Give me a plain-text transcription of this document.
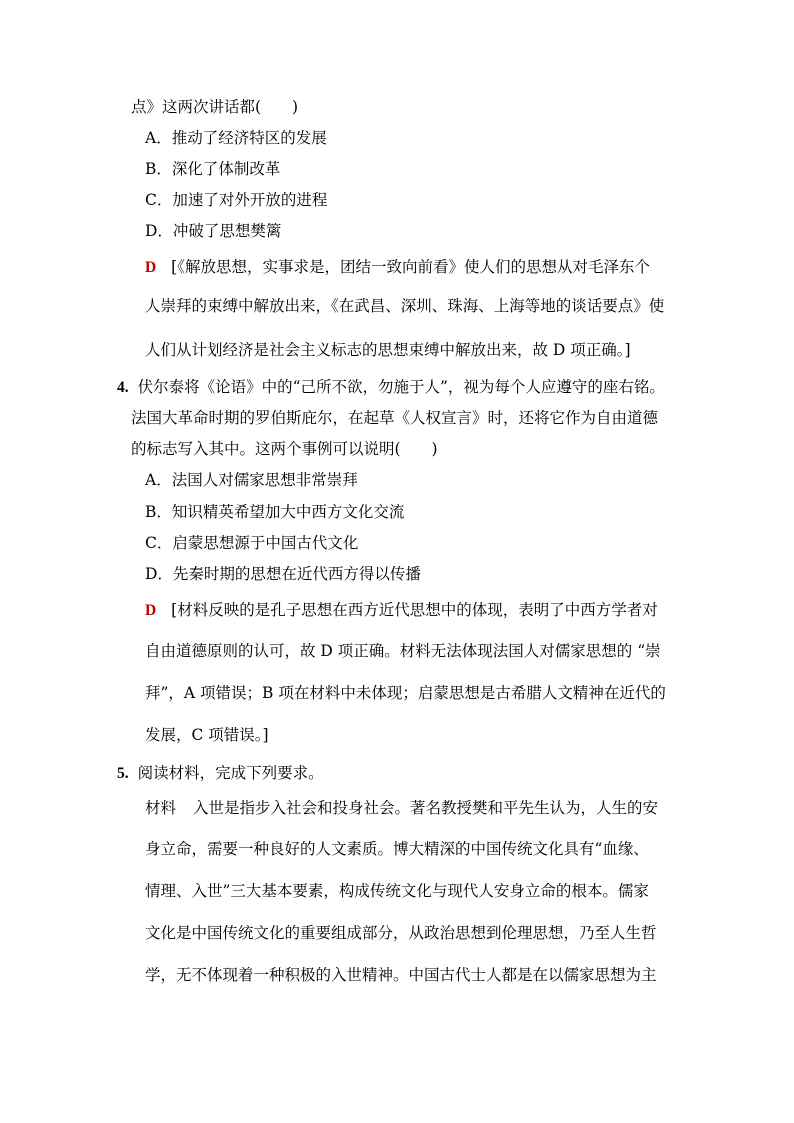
点》这两次讲话都(　　)
A．推动了经济特区的发展
B．深化了体制改革
C．加速了对外开放的进程
D．冲破了思想樊篱
D [《解放思想，实事求是，团结一致向前看》使人们的思想从对毛泽东个
人崇拜的束缚中解放出来，《在武昌、深圳、珠海、上海等地的谈话要点》使
人们从计划经济是社会主义标志的思想束缚中解放出来，故 D 项正确。]
4. 伏尔泰将《论语》中的“己所不欲，勿施于人”，视为每个人应遵守的座右铭。
法国大革命时期的罗伯斯庇尔，在起草《人权宣言》时，还将它作为自由道德
的标志写入其中。这两个事例可以说明(　　)
A．法国人对儒家思想非常崇拜
B．知识精英希望加大中西方文化交流
C．启蒙思想源于中国古代文化
D．先秦时期的思想在近代西方得以传播
D [材料反映的是孔子思想在西方近代思想中的体现，表明了中西方学者对
自由道德原则的认可，故 D 项正确。材料无法体现法国人对儒家思想的 “崇
拜”，A 项错误；B 项在材料中未体现；启蒙思想是古希腊人文精神在近代的
发展，C 项错误。]
5. 阅读材料，完成下列要求。
材料 入世是指步入社会和投身社会。著名教授樊和平先生认为，人生的安
身立命，需要一种良好的人文素质。博大精深的中国传统文化具有“血缘、
情理、入世”三大基本要素，构成传统文化与现代人安身立命的根本。儒家
文化是中国传统文化的重要组成部分，从政治思想到伦理思想，乃至人生哲
学，无不体现着一种积极的入世精神。中国古代士人都是在以儒家思想为主
